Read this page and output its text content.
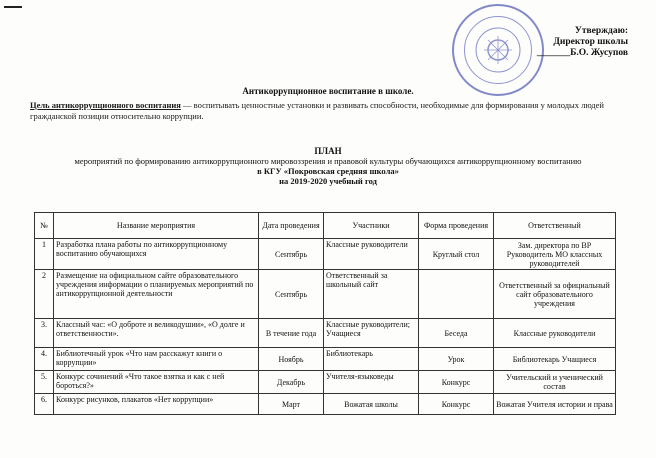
Утверждаю:
Директор школы
_______Б.О. Жусупов
Антикоррупционное воспитание в школе.
Цель антикоррупционного воспитания — воспитывать ценностные установки и развивать способности, необходимые для формирования у молодых людей гражданской позиции относительно коррупции.
ПЛАН
мероприятий по формированию антикоррупционного мировоззрения и правовой культуры обучающихся антикоррупционному воспитанию
в КГУ «Покровская средняя школа»
на 2019-2020 учебный год
№	Название мероприятия	Дата проведения	Участники	Форма проведения	Ответственный
1	Разработка плана работы по антикоррупционному воспитанию обучающихся	Сентябрь	Классные руководители	Круглый стол	Зам. директора по ВР Руководитель МО классных руководителей
2	Размещение на официальном сайте образовательного учреждения информации о планируемых мероприятий по антикоррупционной деятельности	Сентябрь	Ответственный за школьный сайт		Ответственный за официальный сайт образовательного учреждения
3.	Классный час: «О доброте и великодушии», «О долге и ответственности».	В течение года	Классные руководители; Учащиеся	Беседа	Классные руководители
4.	Библиотечный урок «Что нам расскажут книги о коррупции»	Ноябрь	Библиотекарь	Урок	Библиотекарь Учащиеся
5.	Конкурс сочинений «Что такое взятка и как с ней бороться?»	Декабрь	Учителя-языковеды	Конкурс	Учительский и ученический состав
6.	Конкурс рисунков, плакатов «Нет коррупции»	Март	Вожатая школы	Конкурс	Вожатая Учителя истории и права
